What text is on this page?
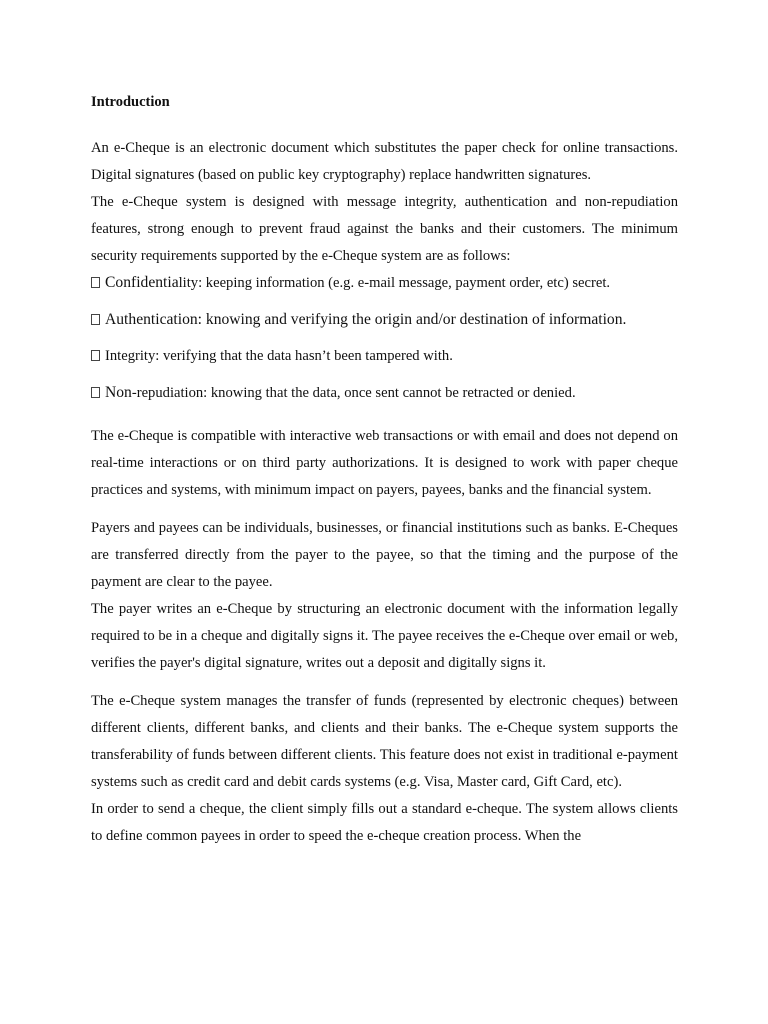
Introduction

An e-Cheque is an electronic document which substitutes the paper check for online transactions. Digital signatures (based on public key cryptography) replace handwritten signatures.

The e-Cheque system is designed with message integrity, authentication and non-repudiation features, strong enough to prevent fraud against the banks and their customers. The minimum security requirements supported by the e-Cheque system are as follows:

Confidentiality: keeping information (e.g. e-mail message, payment order, etc) secret.
Authentication: knowing and verifying the origin and/or destination of information.
Integrity: verifying that the data hasn’t been tampered with.
Non-repudiation: knowing that the data, once sent cannot be retracted or denied.

The e-Cheque is compatible with interactive web transactions or with email and does not depend on real-time interactions or on third party authorizations. It is designed to work with paper cheque practices and systems, with minimum impact on payers, payees, banks and the financial system.

Payers and payees can be individuals, businesses, or financial institutions such as banks. E-Cheques are transferred directly from the payer to the payee, so that the timing and the purpose of the payment are clear to the payee.

The payer writes an e-Cheque by structuring an electronic document with the information legally required to be in a cheque and digitally signs it. The payee receives the e-Cheque over email or web, verifies the payer's digital signature, writes out a deposit and digitally signs it.

The e-Cheque system manages the transfer of funds (represented by electronic cheques) between different clients, different banks, and clients and their banks. The e-Cheque system supports the transferability of funds between different clients. This feature does not exist in traditional e-payment systems such as credit card and debit cards systems (e.g. Visa, Master card, Gift Card, etc).

In order to send a cheque, the client simply fills out a standard e-cheque. The system allows clients to define common payees in order to speed the e-cheque creation process. When the
